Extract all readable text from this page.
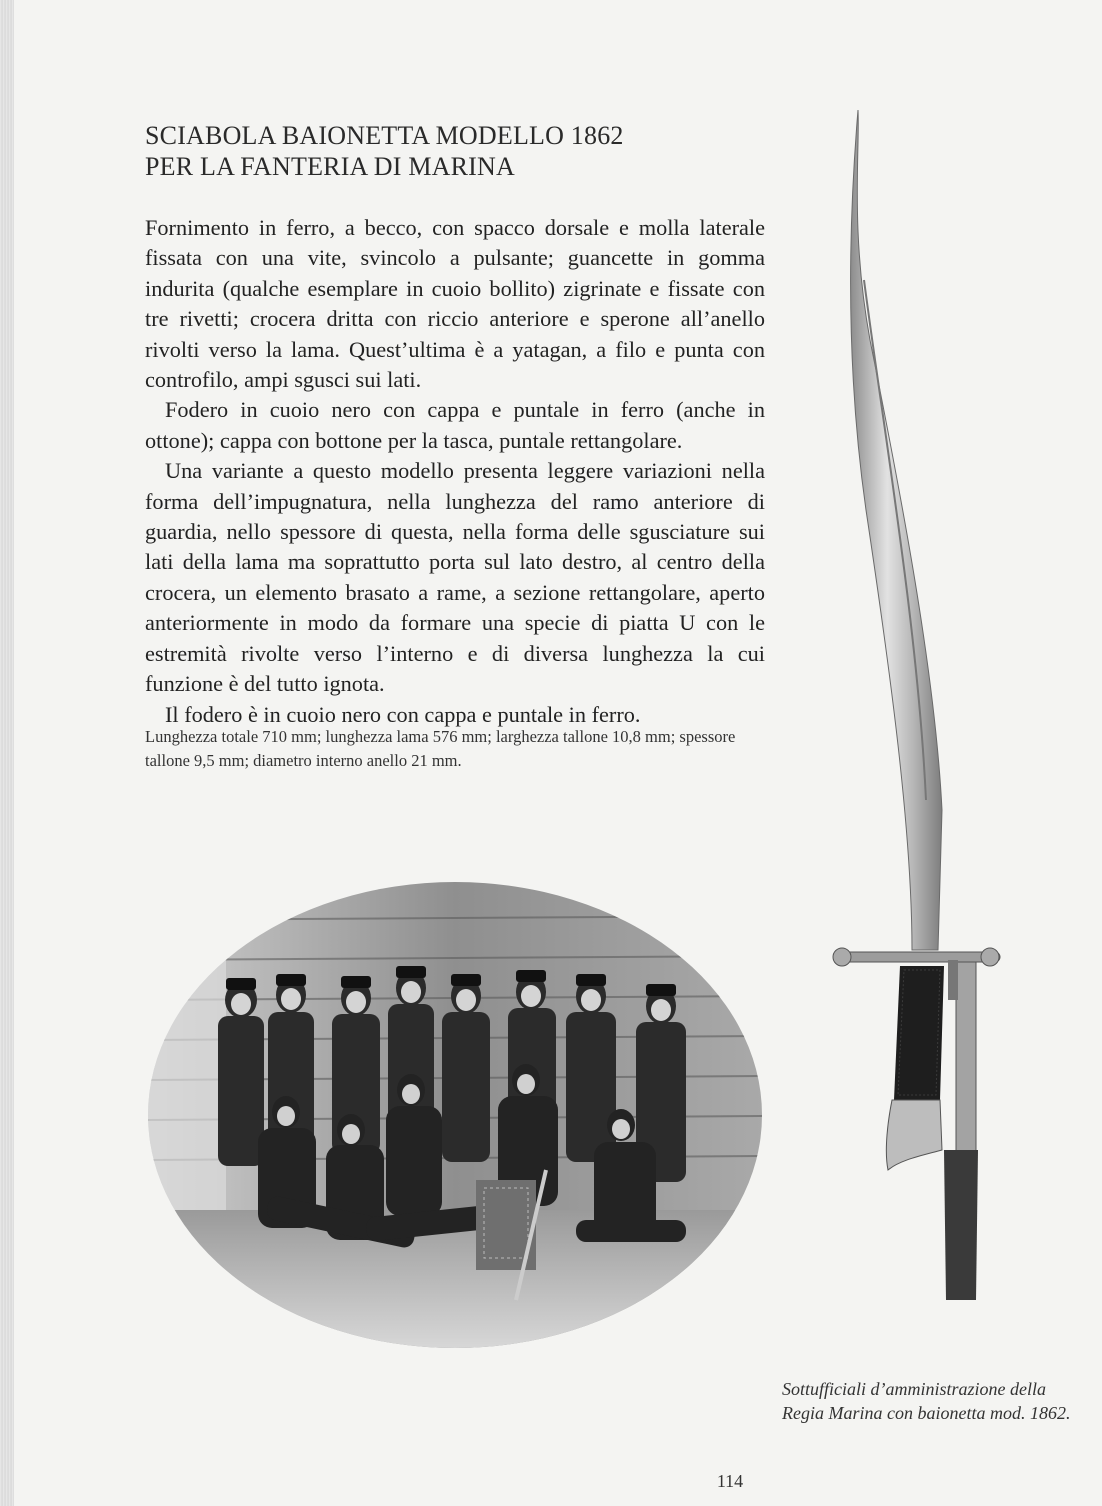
SCIABOLA BAIONETTA MODELLO 1862
PER LA FANTERIA DI MARINA

Fornimento in ferro, a becco, con spacco dorsale e molla laterale fissata con una vite, svincolo a pulsante; guancette in gomma indurita (qualche esemplare in cuoio bollito) zigrinate e fissate con tre rivetti; crocera dritta con riccio anteriore e sperone all’anello rivolti verso la lama. Quest’ultima è a yatagan, a filo e punta con controfilo, ampi sgusci sui lati.

Fodero in cuoio nero con cappa e puntale in ferro (anche in ottone); cappa con bottone per la tasca, puntale rettangolare.

Una variante a questo modello presenta leggere variazioni nella forma dell’impugnatura, nella lunghezza del ramo anteriore di guardia, nello spessore di questa, nella forma delle sgusciature sui lati della lama ma soprattutto porta sul lato destro, al centro della crocera, un elemento brasato a rame, a sezione rettangolare, aperto anteriormente in modo da formare una specie di piatta U con le estremità rivolte verso l’interno e di diversa lunghezza la cui funzione è del tutto ignota.

Il fodero è in cuoio nero con cappa e puntale in ferro.

Lunghezza totale 710 mm; lunghezza lama 576 mm; larghezza tallone 10,8 mm; spessore tallone 9,5 mm; diametro interno anello 21 mm.
Sottufficiali d’amministrazione della Regia Marina con baionetta mod. 1862.
114
